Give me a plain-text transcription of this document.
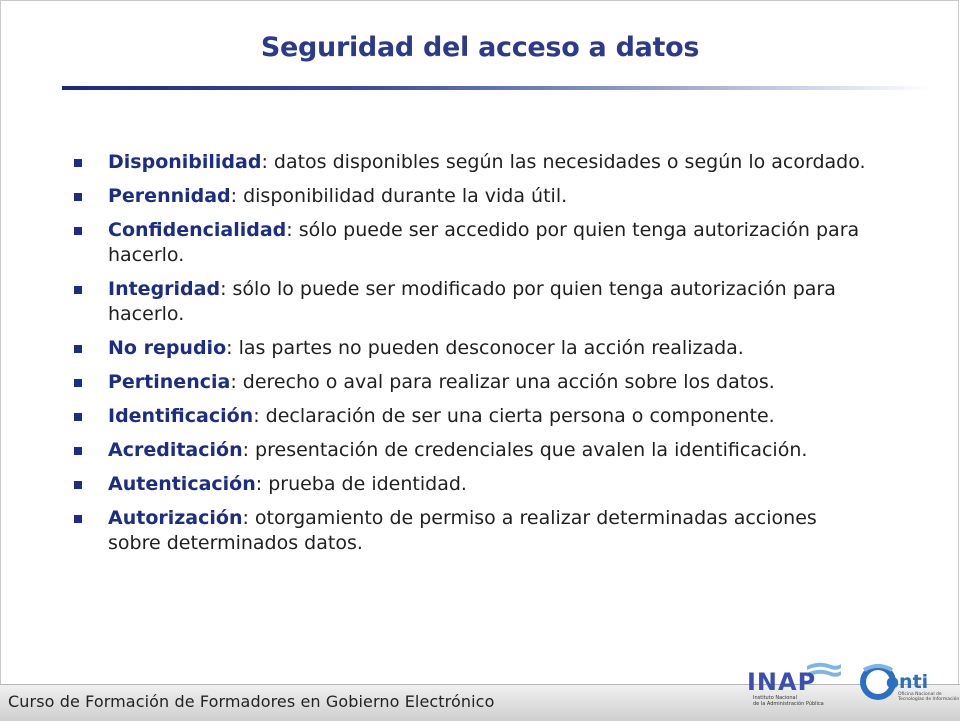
Seguridad del acceso a datos
Disponibilidad: datos disponibles según las necesidades o según lo acordado.
Perennidad: disponibilidad durante la vida útil.
Confidencialidad: sólo puede ser accedido por quien tenga autorización para hacerlo.
Integridad: sólo lo puede ser modificado por quien tenga autorización para hacerlo.
No repudio: las partes no pueden desconocer la acción realizada.
Pertinencia: derecho o aval para realizar una acción sobre los datos.
Identificación: declaración de ser una cierta persona o componente.
Acreditación: presentación de credenciales que avalen la identificación.
Autenticación: prueba de identidad.
Autorización: otorgamiento de permiso a realizar determinadas acciones sobre determinados datos.
Curso de Formación de Formadores en Gobierno Electrónico
INAP
Instituto Nacional
de la Administración Pública
onti
Oficina Nacional de
Tecnologías de Información
